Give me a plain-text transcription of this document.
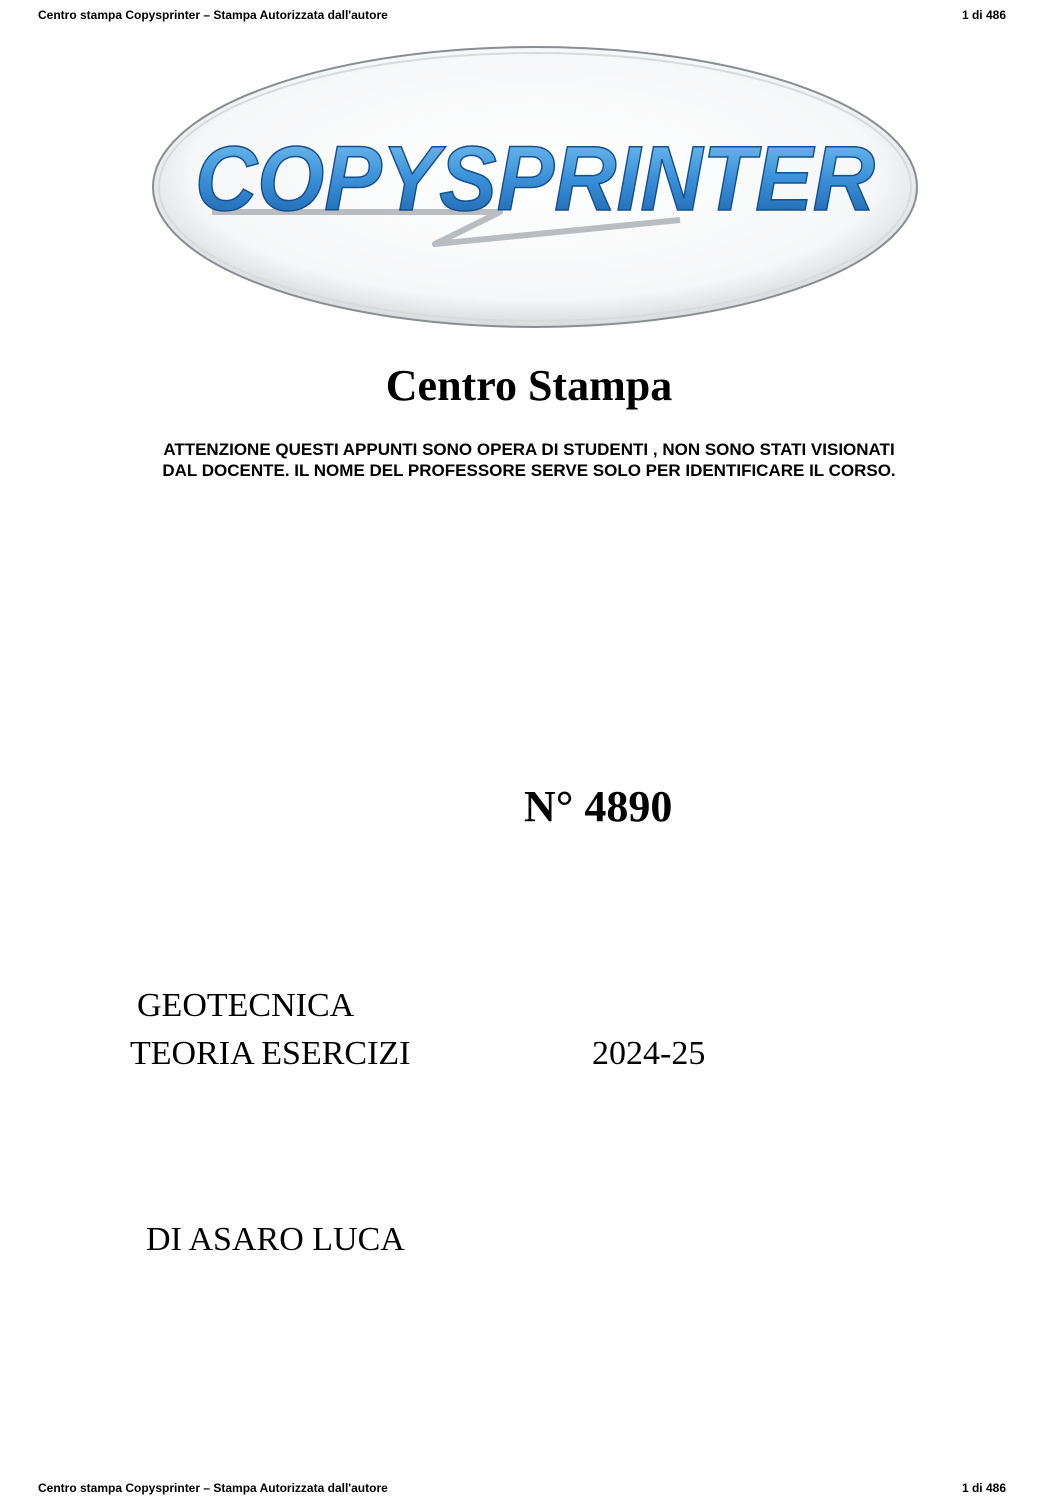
Centro stampa Copysprinter – Stampa Autorizzata dall'autore	1 di 486
COPYSPRINTER
Centro Stampa
ATTENZIONE QUESTI APPUNTI SONO OPERA DI STUDENTI , NON SONO STATI VISIONATI
DAL DOCENTE. IL NOME DEL PROFESSORE SERVE SOLO PER IDENTIFICARE IL CORSO.
N° 4890
GEOTECNICA
TEORIA ESERCIZI	2024-25
DI ASARO LUCA
Centro stampa Copysprinter – Stampa Autorizzata dall'autore	1 di 486
